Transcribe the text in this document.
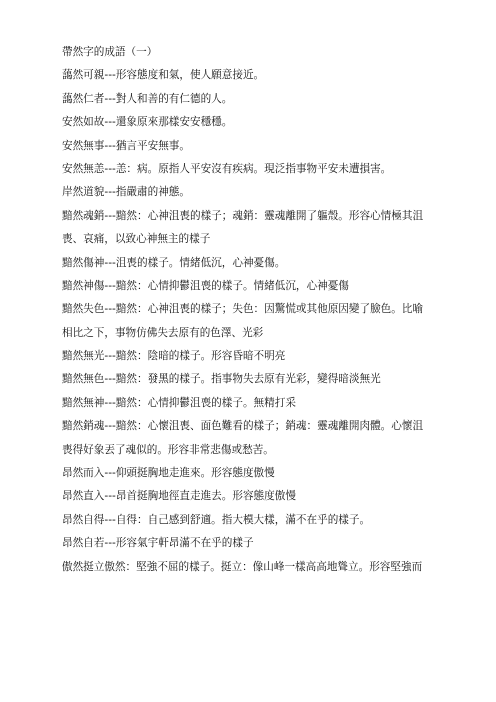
帶然字的成語（一）
藹然可親---形容態度和氣，使人願意接近。
藹然仁者---對人和善的有仁德的人。
安然如故---還象原來那樣安安穩穩。
安然無事---猶言平安無事。
安然無恙---恙：病。原指人平安沒有疾病。現泛指事物平安未遭損害。
岸然道貌---指嚴肅的神態。
黯然魂銷---黯然：心神沮喪的樣子；魂銷：靈魂離開了軀殼。形容心情極其沮
喪、哀痛，以致心神無主的樣子
黯然傷神---沮喪的樣子。情緒低沉，心神憂傷。
黯然神傷---黯然：心情抑鬱沮喪的樣子。情緒低沉，心神憂傷
黯然失色---黯然：心神沮喪的樣子；失色：因驚慌或其他原因變了臉色。比喻
相比之下，事物仿佛失去原有的色澤、光彩
黯然無光---黯然：陰暗的樣子。形容昏暗不明亮
黯然無色---黯然：發黑的樣子。指事物失去原有光彩，變得暗淡無光
黯然無神---黯然：心情抑鬱沮喪的樣子。無精打采
黯然銷魂---黯然：心懷沮喪、面色難看的樣子；銷魂：靈魂離開肉體。心懷沮
喪得好象丟了魂似的。形容非常悲傷或愁苦。
昂然而入---仰頭挺胸地走進來。形容態度傲慢
昂然直入---昂首挺胸地徑直走進去。形容態度傲慢
昂然自得---自得：自己感到舒適。指大模大樣，滿不在乎的樣子。
昂然自若---形容氣宇軒昂滿不在乎的樣子
傲然挺立傲然：堅強不屈的樣子。挺立：像山峰一樣高高地聳立。形容堅強而
